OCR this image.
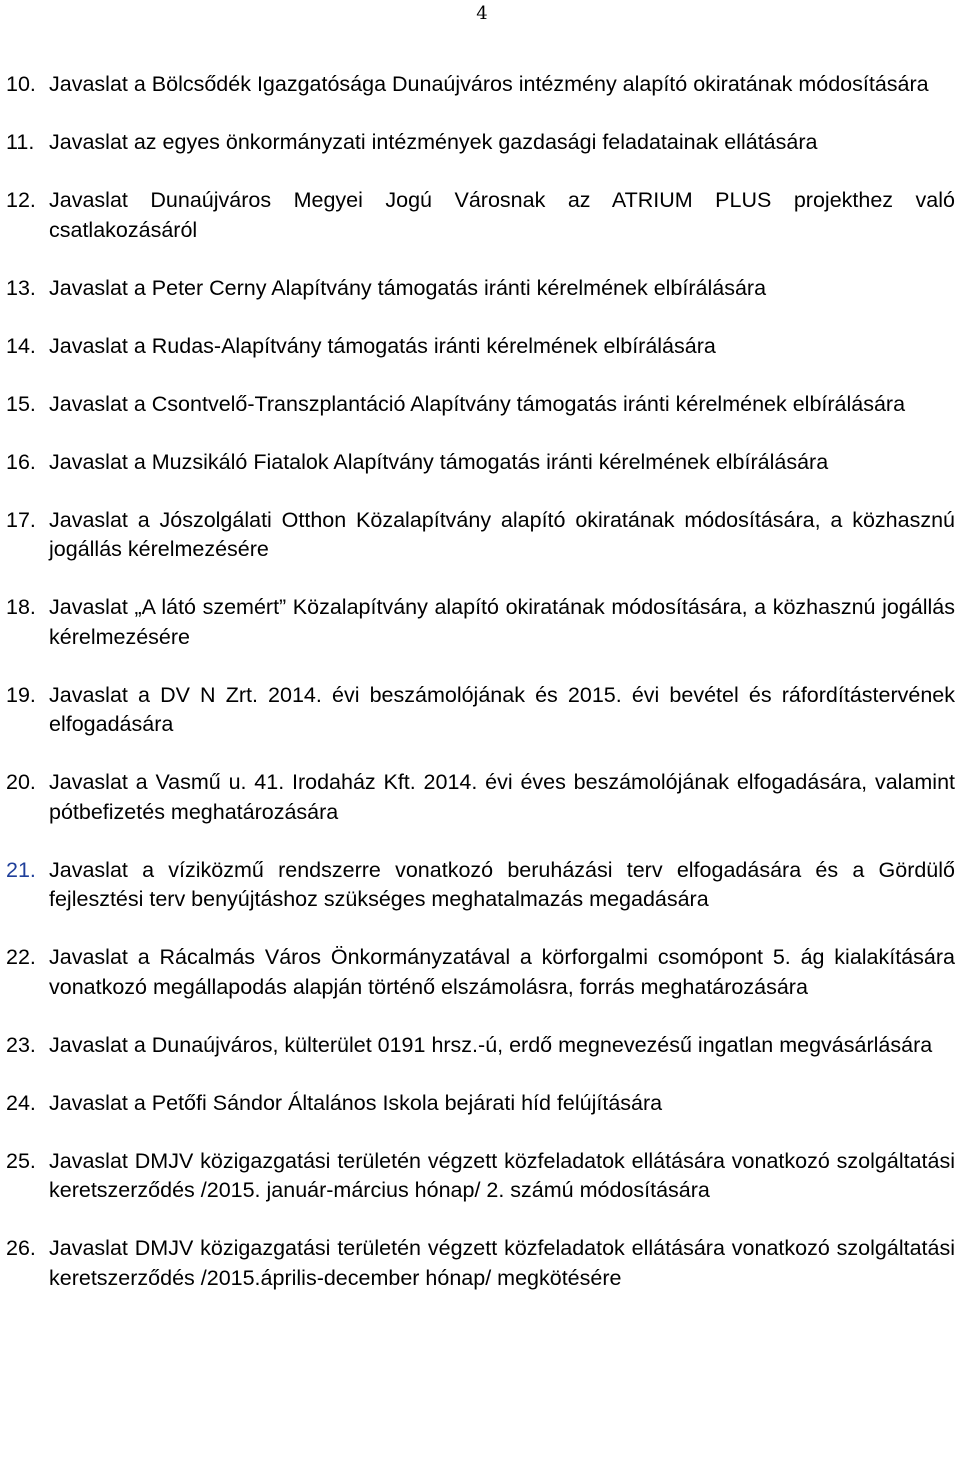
4
10. Javaslat a Bölcsődék Igazgatósága Dunaújváros intézmény alapító okiratának módosítására
11. Javaslat az egyes önkormányzati intézmények gazdasági feladatainak ellátására
12. Javaslat Dunaújváros Megyei Jogú Városnak az ATRIUM PLUS projekthez való csatlakozásáról
13. Javaslat a Peter Cerny Alapítvány támogatás iránti kérelmének elbírálására
14. Javaslat a Rudas-Alapítvány támogatás iránti kérelmének elbírálására
15. Javaslat a Csontvelő-Transzplantáció Alapítvány támogatás iránti kérelmének elbírálására
16. Javaslat a Muzsikáló Fiatalok Alapítvány támogatás iránti kérelmének elbírálására
17. Javaslat a Jószolgálati Otthon Közalapítvány alapító okiratának módosítására, a közhasznú jogállás kérelmezésére
18. Javaslat „A látó szemért” Közalapítvány alapító okiratának módosítására, a közhasznú jogállás kérelmezésére
19. Javaslat a DV N Zrt. 2014. évi beszámolójának és 2015. évi bevétel és ráfordítástervének elfogadására
20. Javaslat a Vasmű u. 41. Irodaház Kft. 2014. évi éves beszámolójának elfogadására, valamint pótbefizetés meghatározására
21. Javaslat a víziközmű rendszerre vonatkozó beruházási terv elfogadására és a Gördülő fejlesztési terv benyújtáshoz szükséges meghatalmazás megadására
22. Javaslat a Rácalmás Város Önkormányzatával a körforgalmi csomópont 5. ág kialakítására vonatkozó megállapodás alapján történő elszámolásra, forrás meghatározására
23. Javaslat a Dunaújváros, külterület 0191 hrsz.-ú, erdő megnevezésű ingatlan megvásárlására
24. Javaslat a Petőfi Sándor Általános Iskola bejárati híd felújítására
25. Javaslat DMJV közigazgatási területén végzett közfeladatok ellátására vonatkozó szolgáltatási keretszerződés /2015. január-március hónap/ 2. számú módosítására
26. Javaslat DMJV közigazgatási területén végzett közfeladatok ellátására vonatkozó szolgáltatási keretszerződés /2015.április-december hónap/ megkötésére
